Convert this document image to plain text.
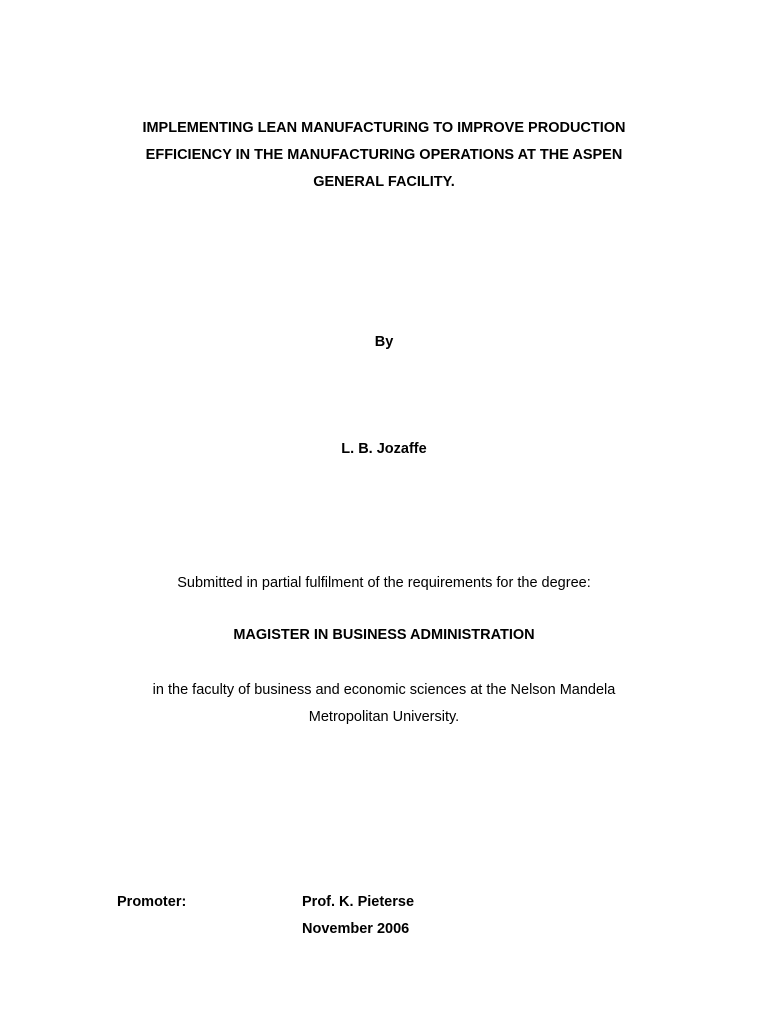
IMPLEMENTING LEAN MANUFACTURING TO IMPROVE PRODUCTION
EFFICIENCY IN THE MANUFACTURING OPERATIONS AT THE ASPEN
GENERAL FACILITY.

By

L. B. Jozaffe

Submitted in partial fulfilment of the requirements for the degree:

MAGISTER IN BUSINESS ADMINISTRATION

in the faculty of business and economic sciences at the Nelson Mandela
Metropolitan University.

Promoter:	Prof. K. Pieterse
November 2006
